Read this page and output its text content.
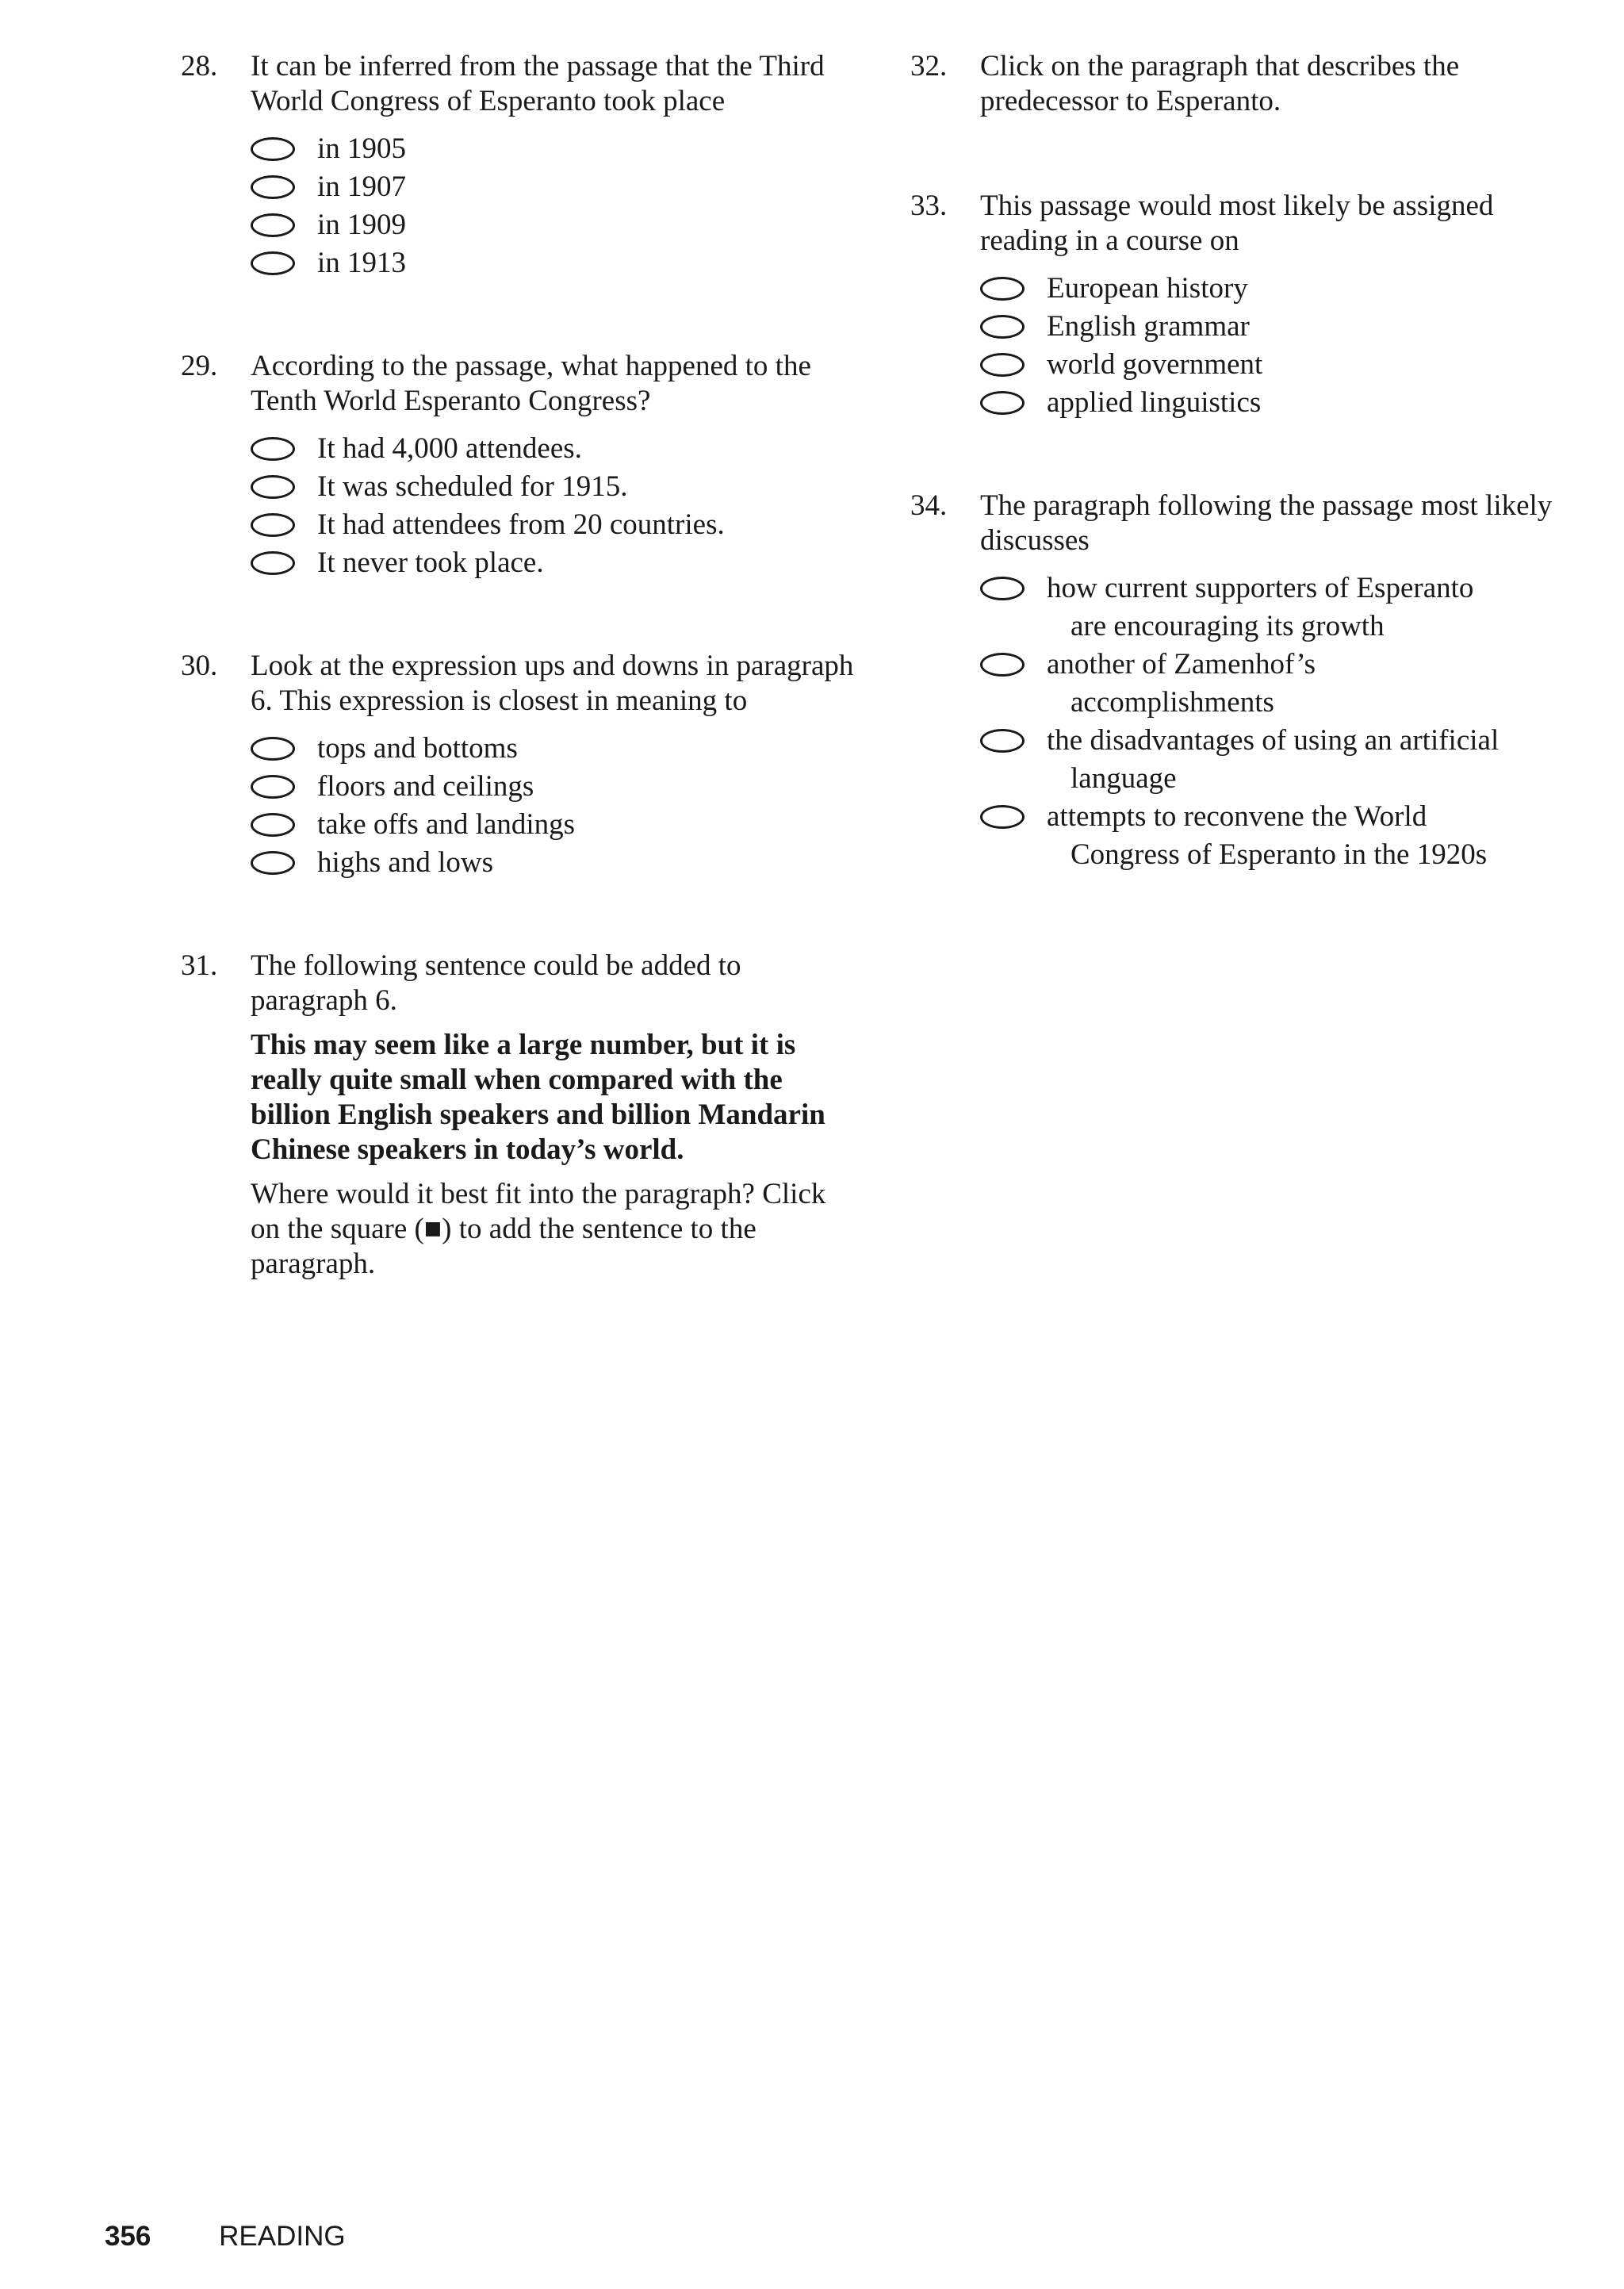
28. It can be inferred from the passage that the Third World Congress of Esperanto took place

in 1905
in 1907
in 1909
in 1913
29. According to the passage, what happened to the Tenth World Esperanto Congress?

It had 4,000 attendees.
It was scheduled for 1915.
It had attendees from 20 countries.
It never took place.
30. Look at the expression ups and downs in paragraph 6. This expression is closest in meaning to

tops and bottoms
floors and ceilings
take offs and landings
highs and lows
31. The following sentence could be added to paragraph 6.

This may seem like a large number, but it is really quite small when compared with the billion English speakers and billion Mandarin Chinese speakers in today’s world.

Where would it best fit into the paragraph? Click on the square (■) to add the sentence to the paragraph.

32. Click on the paragraph that describes the predecessor to Esperanto.

33. This passage would most likely be assigned reading in a course on

European history
English grammar
world government
applied linguistics
34. The paragraph following the passage most likely discusses

how current supporters of Esperanto
are encouraging its growth
another of Zamenhof’s
accomplishments
the disadvantages of using an artificial
language
attempts to reconvene the World
Congress of Esperanto in the 1920s
356 READING
